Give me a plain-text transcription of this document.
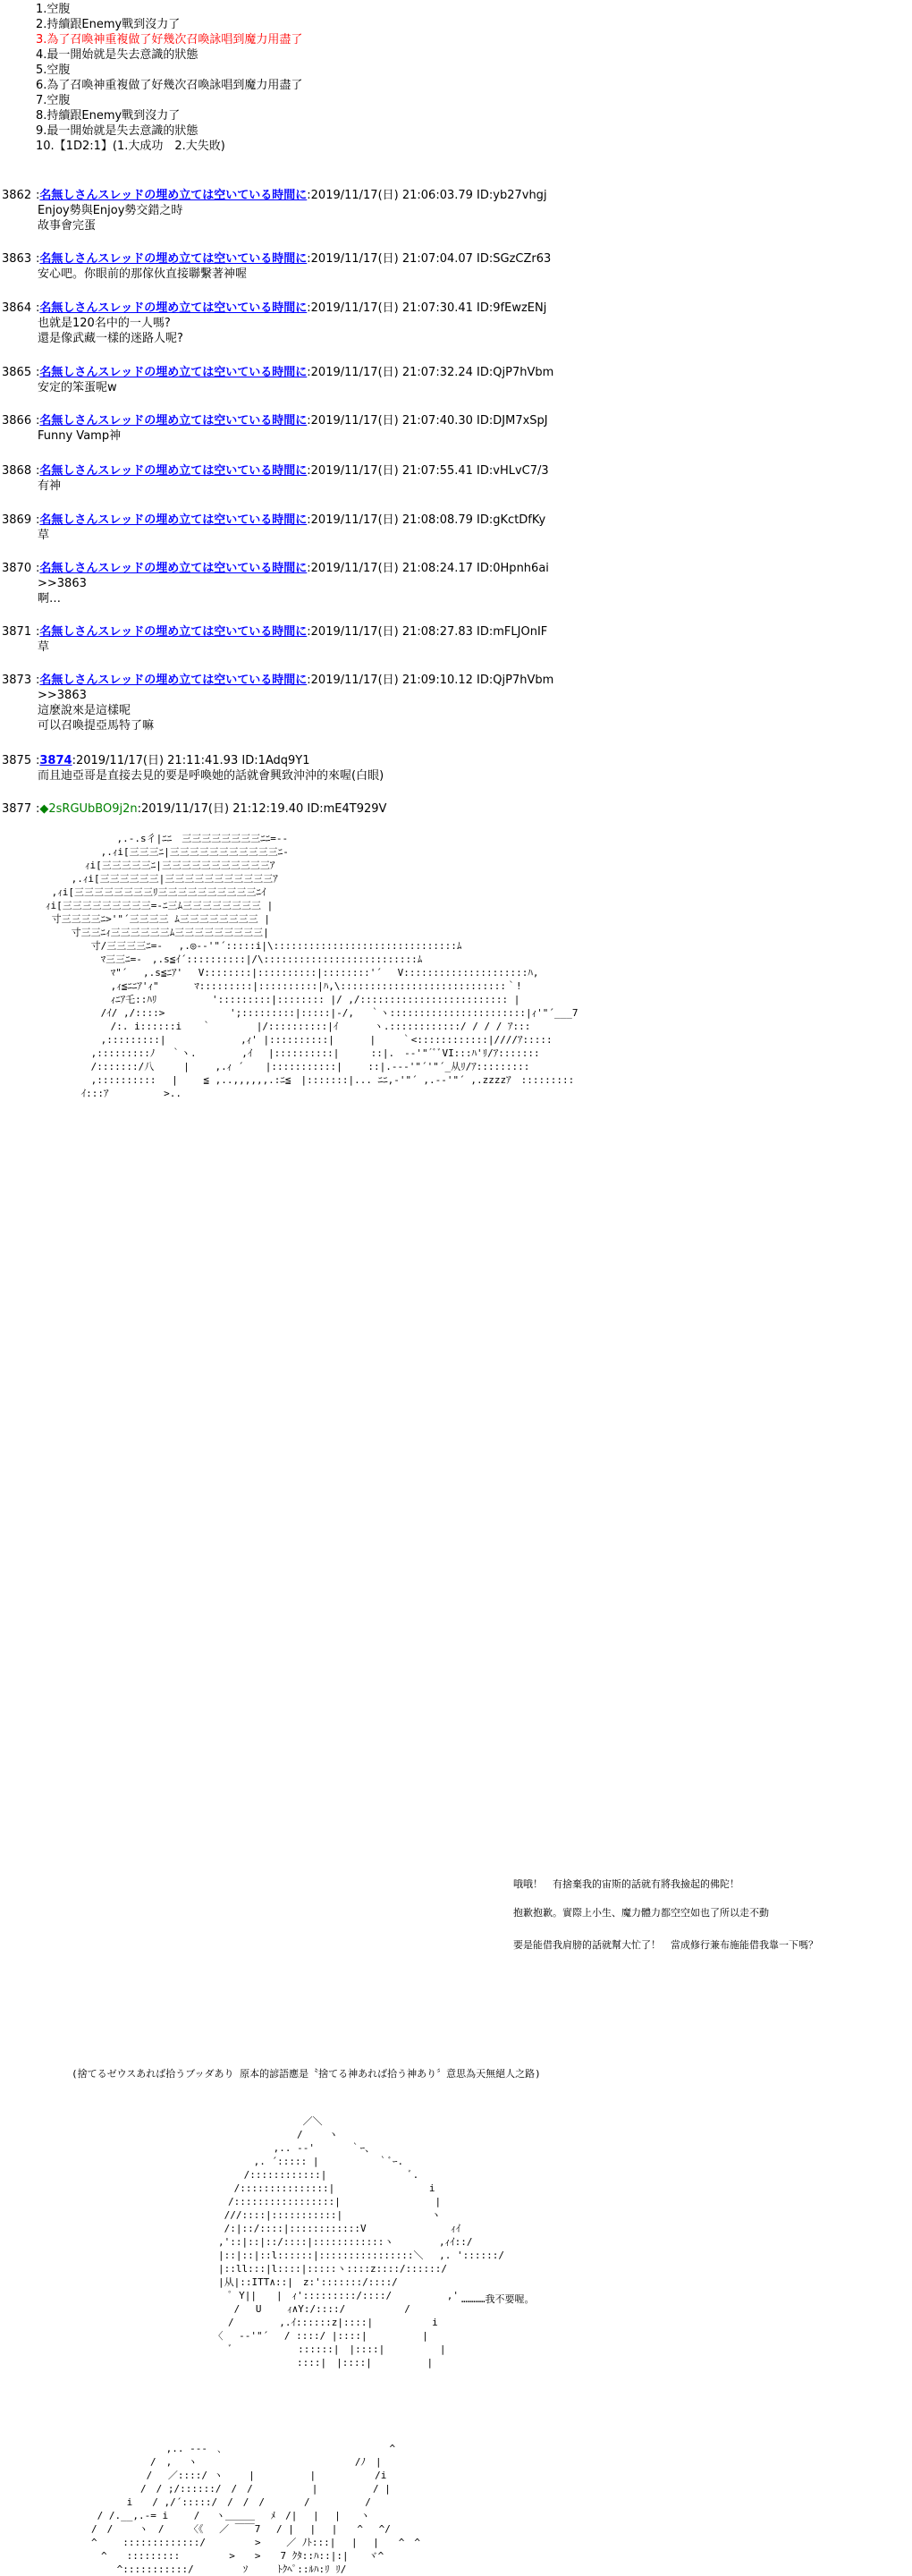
1.空腹
2.持續跟Enemy戰到沒力了
3.為了召喚神重複做了好幾次召喚詠唱到魔力用盡了
4.最一開始就是失去意識的狀態
5.空腹
6.為了召喚神重複做了好幾次召喚詠唱到魔力用盡了
7.空腹
8.持續跟Enemy戰到沒力了
9.最一開始就是失去意識的狀態
10.【1D2:1】(1.大成功　2.大失敗)
3862 :名無しさんスレッドの埋め立ては空いている時間に:2019/11/17(日) 21:06:03.79 ID:yb27vhgj
Enjoy勢與Enjoy勢交錯之時
故事會完蛋
3863 :名無しさんスレッドの埋め立ては空いている時間に:2019/11/17(日) 21:07:04.07 ID:SGzCZr63
安心吧。你眼前的那傢伙直接聯繫著神喔
3864 :名無しさんスレッドの埋め立ては空いている時間に:2019/11/17(日) 21:07:30.41 ID:9fEwzENj
也就是120名中的一人嗎?
還是像武藏一樣的迷路人呢?
3865 :名無しさんスレッドの埋め立ては空いている時間に:2019/11/17(日) 21:07:32.24 ID:QjP7hVbm
安定的笨蛋呢w
3866 :名無しさんスレッドの埋め立ては空いている時間に:2019/11/17(日) 21:07:40.30 ID:DJM7xSpJ
Funny Vamp神
3868 :名無しさんスレッドの埋め立ては空いている時間に:2019/11/17(日) 21:07:55.41 ID:vHLvC7/3
有神
3869 :名無しさんスレッドの埋め立ては空いている時間に:2019/11/17(日) 21:08:08.79 ID:gKctDfKy
草
3870 :名無しさんスレッドの埋め立ては空いている時間に:2019/11/17(日) 21:08:24.17 ID:0Hpnh6ai
>>3863
啊…
3871 :名無しさんスレッドの埋め立ては空いている時間に:2019/11/17(日) 21:08:27.83 ID:mFLJOnIF
草
3873 :名無しさんスレッドの埋め立ては空いている時間に:2019/11/17(日) 21:09:10.12 ID:QjP7hVbm
>>3863
這麼說來是這樣呢
可以召喚提亞馬特了嘛
3875 :3874:2019/11/17(日) 21:11:41.93 ID:1Adq9Y1
而且迪亞哥是直接去見的要是呼喚她的話就會興致沖沖的來喔(白眼)
3877 :◆2sRGUbBO9j2n:2019/11/17(日) 21:12:19.40 ID:mE4T929V
　,.-.s彳|ﾆﾆ　三三三三三三三三ﾆﾆ=--
　　　　　　 ,.ｨi[三三三ﾆ|三三三三三三三三三三三ﾆ-
　　　　　ｨi[三三三三三ﾆ|三三三三三三三三三三三ｱ
　　　 ,.ｨi[三三三三三三|三三三三三三三三三三三ｱ
　 ,ｨi[三三三三三三三三ﾘ三三三三三三三三三三ﾆｲ
　ｨi[三三三三三三三三三=-ﾆ三ﾑ三三三三三三三三 |
　 寸三三三三ﾆ>'"´三三三三 ﾑ三三三三三三三三 |
　　　 寸三三ﾆｨ三三三三三三ﾑ三三三三三三三三三|
　　　　　 寸/三三三三ﾆ=-　 ,.◎-‐'"´:::::i|\:::::::::::::::::::::::::::::::ﾑ
　　　　　　 ﾏ三三ﾆ=-　,.s≦ｲ´::::::::::|/\::::::::::::::::::::::::::ﾑ
　　　　　　　 ﾏ"´　 ,.s≦ﾆｱ'　 V::::::::|::::::::::|::::::::'´　 V:::::::::::::::::::::ﾊ,
　　　　　　　 ,ｨ≦ﾆﾆｱ'ｨ"　　　 ﾏ:::::::::|::::::::::|ﾊ,\::::::::::::::::::::::::::::｀!
　　　　　　　 ｨﾆｱ乇::ﾊﾘ　　　　　 ':::::::::|:::::::: |/ ,/::::::::::::::::::::::::: |
　　　　　　 /ｲ/ ,/::::>　　　　　　 ';:::::::::|:::::|-/,　 ｀ヽ:::::::::::::::::::::::|ｨ'"´___7
　　　　　　　 /:. i::::::i　　｀　　　　 |/::::::::::|ｲ　　　 ヽ.::::::::::::/ / / / ｱ:::
　　　　　　 ,:::::::::|　　　　　　　 ,ｨ' |::::::::::|　　　 |　　 ｀<::::::::::::|////ｱ:::::
　　　　　 ,:::::::::ﾉ　 ｀ヽ.　　　　 ,ｲ　 |::::::::::| 　　 ::|.　-‐'"´ﾞﾞVI:::ﾊ'ﾘ/ｱ:::::::
　　　　　 /:::::::/八　　　|　　 ,.ｨ ´ 　 |:::::::::::|　　 ::|.--‐'"´'"´_从ﾘ/ｱ:::::::::
　　　　　 ,::::::::::　 |　　 ≦ ,..,,,,,,.:ﾆ≦　|:::::::|... ﾆﾆ,-'"´ ,.-‐'"´ ,.zzzzｱ　:::::::::
　　　　 ｲ:::ｱ　　　　　 >..

哦哦！　有捨棄我的宙斯的話就有將我撿起的佛陀！

抱歉抱歉。實際上小生、魔力體力都空空如也了所以走不動

要是能借我肩膀的話就幫大忙了！　當成修行兼布施能借我靠一下嗎？

(捨てるゼウスあれば拾うブッダあり 原本的諺語應是〝捨てる神あれば拾う神あり〞意思為天無絕人之路)

　　　　　　　　　　　　 ／＼
　　　　　　　　　　　　/　　 ヽ
　　　　　　　　　 ,.. --'　　　 ｀ｰ、
　　　　　　　 ,. ´::::: |　　　　　　｀ﾞｰ.
　　　　　　 /::::::::::::|　　　　　　　　 ﾞ.
　　　　　 /:::::::::::::::|　　　　　　　　　 i
　　　　　/:::::::::::::::::|　　　　　　　　　 |
　　　　 ///::::|:::::::::::|　　　　　　　　　ヽ
　　　　 /:|::/::::|::::::::::::V　　　　　　　　 ｨｲ
　　　　,'::|::|::/::::|::::::::::::ヽ　　　　 ,ｨｲ::/
　　　　|::|::|::l::::::|::::::::::::::::＼　 ,. '::::::/
　　　　|::ll:::|l::::|:::::ヽ::::z::::/::::::/
　　　　|从|::ITT∧::|　z:':::::::/::::/
　　　　　ﾟ Y||　　|　ｨ':::::::::/::::/　　　　　 ,'
　　　　　 / 　U　　 ｨ∧Y:/::::/　　　　　　/
　　　　　/　 　　　,.ｲ::::::z|::::|　　　　　　i
　　　　〈　 -‐'"´　 / ::::/ |::::|　　　　　 |
　　　　　ﾞ　　　　　　 ::::::|　|::::|　　　　　 |
　　　　　　　　　　　　::::|　|::::|　　　　　 |

…………我不要喔。

　　　　　　　　　 ,.. -‐‐　､　　　　　　　　　　　　　　　　　^
　　　　　　　　/　,　 ヽ　　　　　　　　　　　　　　　　/ﾉ　|
　　　　　　　 /　 ／::::/ ヽ　　 |　　　　　 |　　　　　　/i
　　　　　　　/　/ ;/::::::/　/　/　　　　　　|　　　　　 / |
　　　　　 i　　/ ,/´:::::/　/　/　/　　　　/　　　　　 /
　　 / /.__,.-= i　　 /　 ヽ＿＿＿　 ﾒ　/|　 |　 |　　ヽ
　　/　/　　 ヽ　/　　　〈《　 ／ ￣￣7 　/ |　 |　 |　　^　 ^/
　　^　　 :::::::::::::/　　　　　>　　 ／ ﾉﾄ:::|　 | 　|　　^　^
　　　^　　:::::::::　　　　　>　　>　　7 ｸﾀ::ﾊ::|:|　　ヾ^
　　　　 ^:::::::::::/　　　　　ｿ　　　ﾄｸﾍﾟ::ﾙﾊ:ﾘ ﾘ/
